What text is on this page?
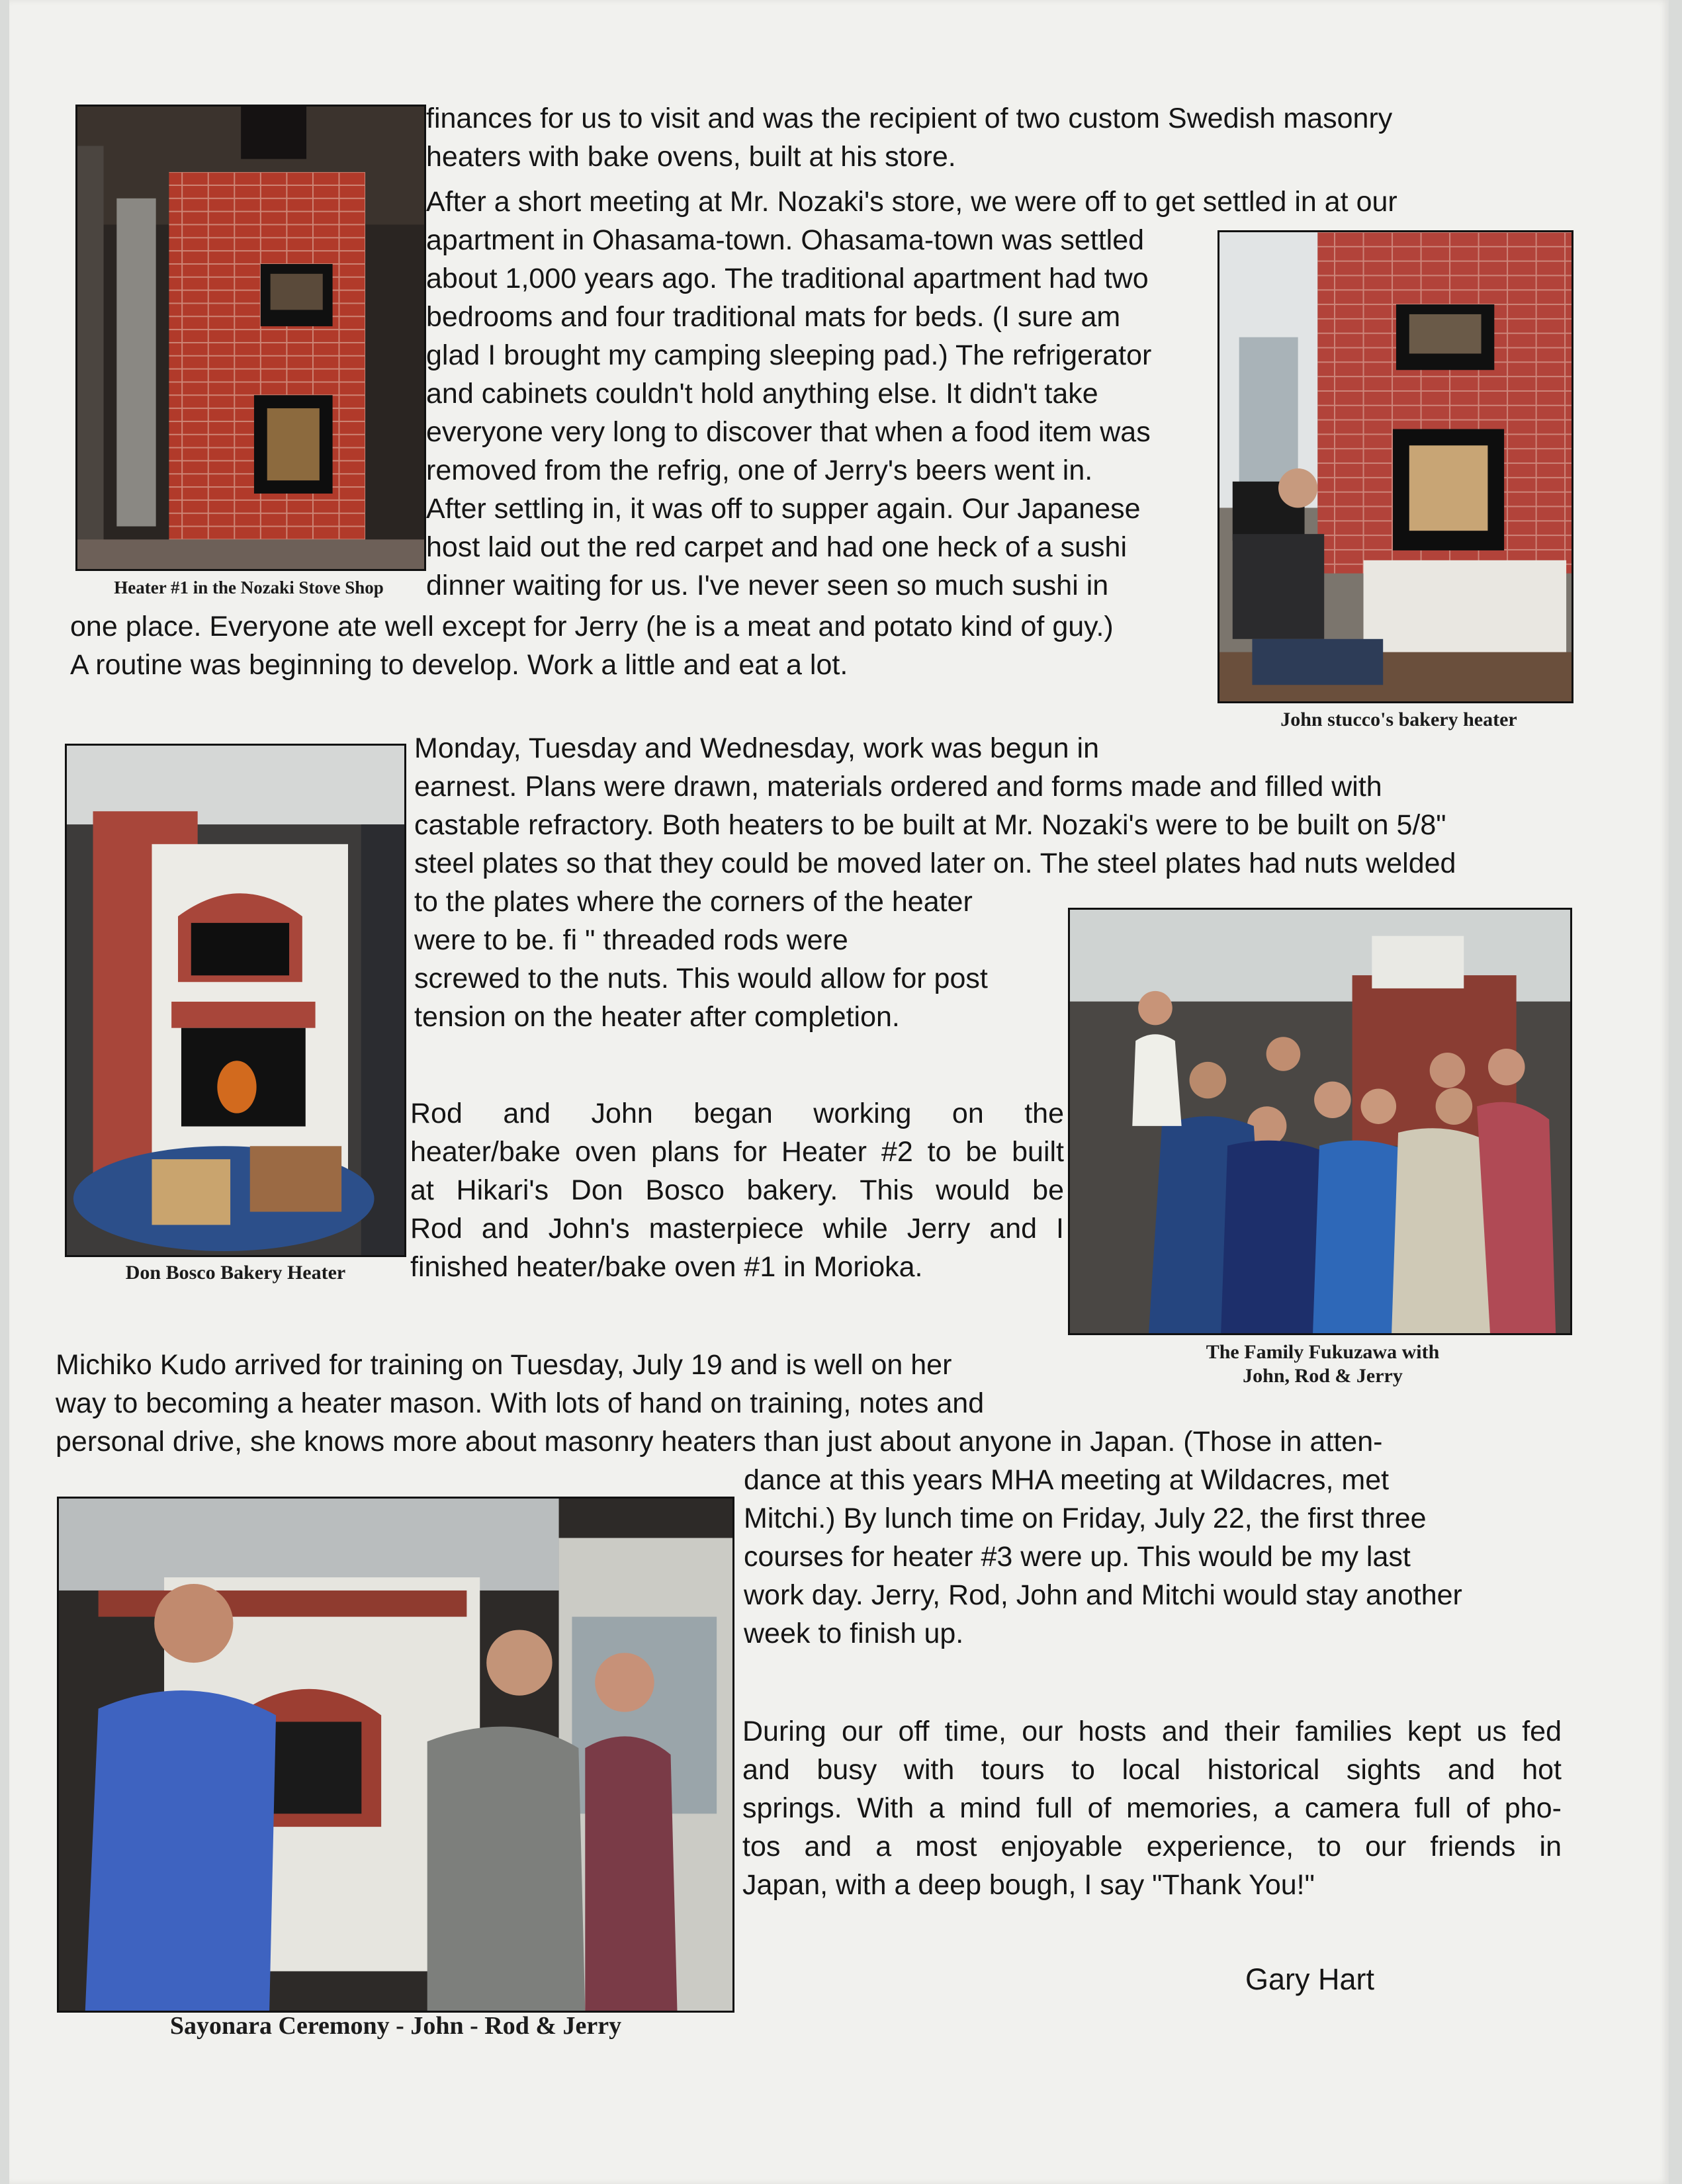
Heater #1 in the Nozaki Stove Shop
John stucco's bakery heater
finances for us to visit and was the recipient of two custom Swedish masonry
heaters with bake ovens, built at his store.
After a short meeting at Mr. Nozaki's store, we were off to get settled in at our
apartment in Ohasama-town. Ohasama-town was settled
about 1,000 years ago. The traditional apartment had two
bedrooms and four traditional mats for beds. (I sure am
glad I brought my camping sleeping pad.) The refrigerator
and cabinets couldn't hold anything else. It didn't take
everyone very long to discover that when a food item was
removed from the refrig, one of Jerry's beers went in.
After settling in, it was off to supper again. Our Japanese
host laid out the red carpet and had one heck of a sushi
dinner waiting for us. I've never seen so much sushi in
one place. Everyone ate well except for Jerry (he is a meat and potato kind of guy.)
A routine was beginning to develop. Work a little and eat a lot.
Don Bosco Bakery Heater
Monday, Tuesday and Wednesday, work was begun in
earnest. Plans were drawn, materials ordered and forms made and filled with
castable refractory. Both heaters to be built at Mr. Nozaki's were to be built on 5/8"
steel plates so that they could be moved later on. The steel plates had nuts welded
to the plates where the corners of the heater
were to be. fi " threaded rods were
screwed to the nuts. This would allow for post
tension on the heater after completion.
The Family Fukuzawa with
John, Rod & Jerry
Rod and John began working on the
heater/bake oven plans for Heater #2 to be built
at Hikari's Don Bosco bakery. This would be
Rod and John's masterpiece while Jerry and I
finished heater/bake oven #1 in Morioka.
Michiko Kudo arrived for training on Tuesday, July 19 and is well on her
way to becoming a heater mason. With lots of hand on training, notes and
personal drive, she knows more about masonry heaters than just about anyone in Japan. (Those in atten-
Sayonara Ceremony - John - Rod & Jerry
dance at this years MHA meeting at Wildacres, met
Mitchi.) By lunch time on Friday, July 22, the first three
courses for heater #3 were up. This would be my last
work day. Jerry, Rod, John and Mitchi would stay another
week to finish up.
During our off time, our hosts and their families kept us fed
and busy with tours to local historical sights and hot
springs. With a mind full of memories, a camera full of pho-
tos and a most enjoyable experience, to our friends in
Japan, with a deep bough, I say "Thank You!"
Gary Hart
